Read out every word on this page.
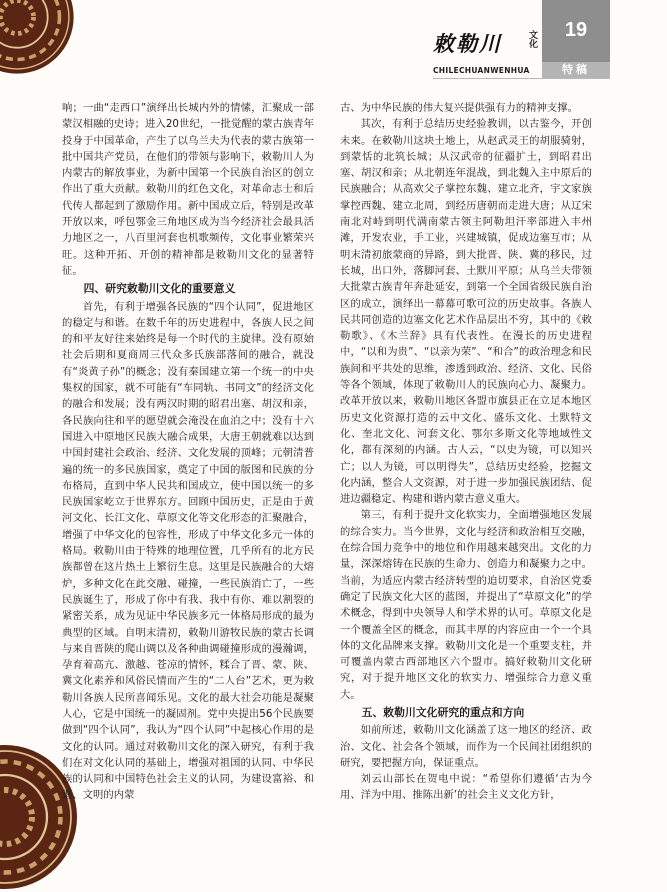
敕勒川	文化
CHILECHUANWENHUA
19
特稿

响；一曲“走西口”演绎出长城内外的情愫，汇聚成一部蒙汉相融的史诗；进入20世纪，一批觉醒的蒙古族青年投身于中国革命，产生了以乌兰夫为代表的蒙古族第一批中国共产党员，在他们的带领与影响下，敕勒川人为内蒙古的解放事业，为新中国第一个民族自治区的创立作出了重大贡献。敕勒川的红色文化，对革命志士和后代传人都起到了激励作用。新中国成立后，特别是改革开放以来，呼包鄂金三角地区成为当今经济社会最具活力地区之一，八百里河套也机歌频传，文化事业繁荣兴旺。这种开拓、开创的精神都是敕勒川文化的显著特征。

四、研究敕勒川文化的重要意义

首先，有利于增强各民族的“四个认同”，促进地区的稳定与和谐。在数千年的历史进程中，各族人民之间的和平友好往来始终是每一个时代的主旋律。没有原始社会后期和夏商周三代众多氏族部落间的融合，就没有“炎黄子孙”的概念；没有秦国建立第一个统一的中央集权的国家，就不可能有“车同轨、书同文”的经济文化的融合和发展；没有两汉时期的昭君出塞、胡汉和亲，各民族向往和平的愿望就会淹没在血泊之中；没有十六国进入中原地区民族大融合成果，大唐王朝就难以达到中国封建社会政治、经济、文化发展的顶峰；元朝清普遍的统一的多民族国家，奠定了中国的版图和民族的分布格局，直到中华人民共和国成立，使中国以统一的多民族国家屹立于世界东方。回顾中国历史，正是由于黄河文化、长江文化、草原文化等文化形态的汇聚融合，增强了中华文化的包容性，形成了中华文化多元一体的格局。敕勒川由于特殊的地理位置，几乎所有的北方民族都曾在这片热土上繁衍生息。这里是民族融合的大熔炉，多种文化在此交融、碰撞，一些民族消亡了，一些民族诞生了，形成了你中有我、我中有你、难以割裂的紧密关系，成为见证中华民族多元一体格局形成的最为典型的区域。自明末清初，敕勒川游牧民族的蒙古长调与来自晋陕的爬山调以及各种曲调碰撞形成的漫瀚调，孕育着高亢、激越、苍凉的情怀，糅合了晋、蒙、陕、冀文化素养和风俗民情而产生的“二人台”艺术，更为敕勒川各族人民所喜闻乐见。文化的最大社会功能是凝聚人心，它是中国统一的凝固剂。党中央提出56个民族要做到“四个认同”，我认为“四个认同”中起核心作用的是文化的认同。通过对敕勒川文化的深入研究，有利于我们在对文化认同的基础上，增强对祖国的认同、中华民族的认同和中国特色社会主义的认同，为建设富裕、和谐、文明的内蒙

古、为中华民族的伟大复兴提供强有力的精神支撑。

其次，有利于总结历史经验教训，以古鉴今，开创未来。在敕勒川这块土地上，从赵武灵王的胡服骑射，到蒙恬的北筑长城；从汉武帝的征疆扩土，到昭君出塞、胡汉和亲；从北朝连年混战，到北魏入主中原后的民族融合；从高欢父子掌控东魏、建立北齐，宇文家族掌控西魏、建立北周，到经历唐朝而走进大唐；从辽宋南北对峙到明代满南蒙古领主阿勒坦汗率部进入丰州滩，开发农业，手工业，兴建城镇，促成边塞互市；从明末清初旅蒙商的异路，到大批晋、陕、冀的移民，过长城，出口外，落脚河套、土默川平原；从乌兰夫带领大批蒙古族青年奔赴延安，到第一个全国省级民族自治区的成立，演绎出一幕幕可歌可泣的历史故事。各族人民共同创造的边塞文化艺术作品层出不穷，其中的《敕勒歌》、《木兰辞》具有代表性。在漫长的历史进程中，“以和为贵”、“以亲为荣”、“和合”的政治理念和民族间和平共处的思维，渗透到政治、经济、文化、民俗等各个领域，体现了敕勒川人的民族向心力、凝聚力。改革开放以来，敕勒川地区各盟市旗县正在立足本地区历史文化资源打造的云中文化、盛乐文化、土默特文化、奎北文化、河套文化、鄂尔多斯文化等地域性文化，都有深刻的内涵。古人云，“以史为镜，可以知兴亡；以人为镜，可以明得失”，总结历史经验，挖掘文化内涵，整合人文资源，对于进一步加强民族团结、促进边疆稳定、构建和谐内蒙古意义重大。

第三，有利于提升文化软实力，全面增强地区发展的综合实力。当今世界，文化与经济和政治相互交融，在综合国力竞争中的地位和作用越来越突出。文化的力量，深深熔铸在民族的生命力、创造力和凝聚力之中。当前，为适应内蒙古经济转型的迫切要求，自治区党委确定了民族文化大区的蓝图，并提出了“草原文化”的学术概念，得到中央领导人和学术界的认可。草原文化是一个覆盖全区的概念，而其丰厚的内容应由一个一个具体的文化品牌来支撑。敕勒川文化是一个重要支柱，并可覆盖内蒙古西部地区六个盟市。搞好敕勒川文化研究，对于提升地区文化的软实力、增强综合力意义重大。

五、敕勒川文化研究的重点和方向

如前所述，敕勒川文化涵盖了这一地区的经济、政治、文化、社会各个领域，而作为一个民间社团组织的研究，要把握方向，保证重点。

刘云山部长在贺电中说：“希望你们遵循‘古为今用、洋为中用、推陈出新’的社会主义文化方针，
